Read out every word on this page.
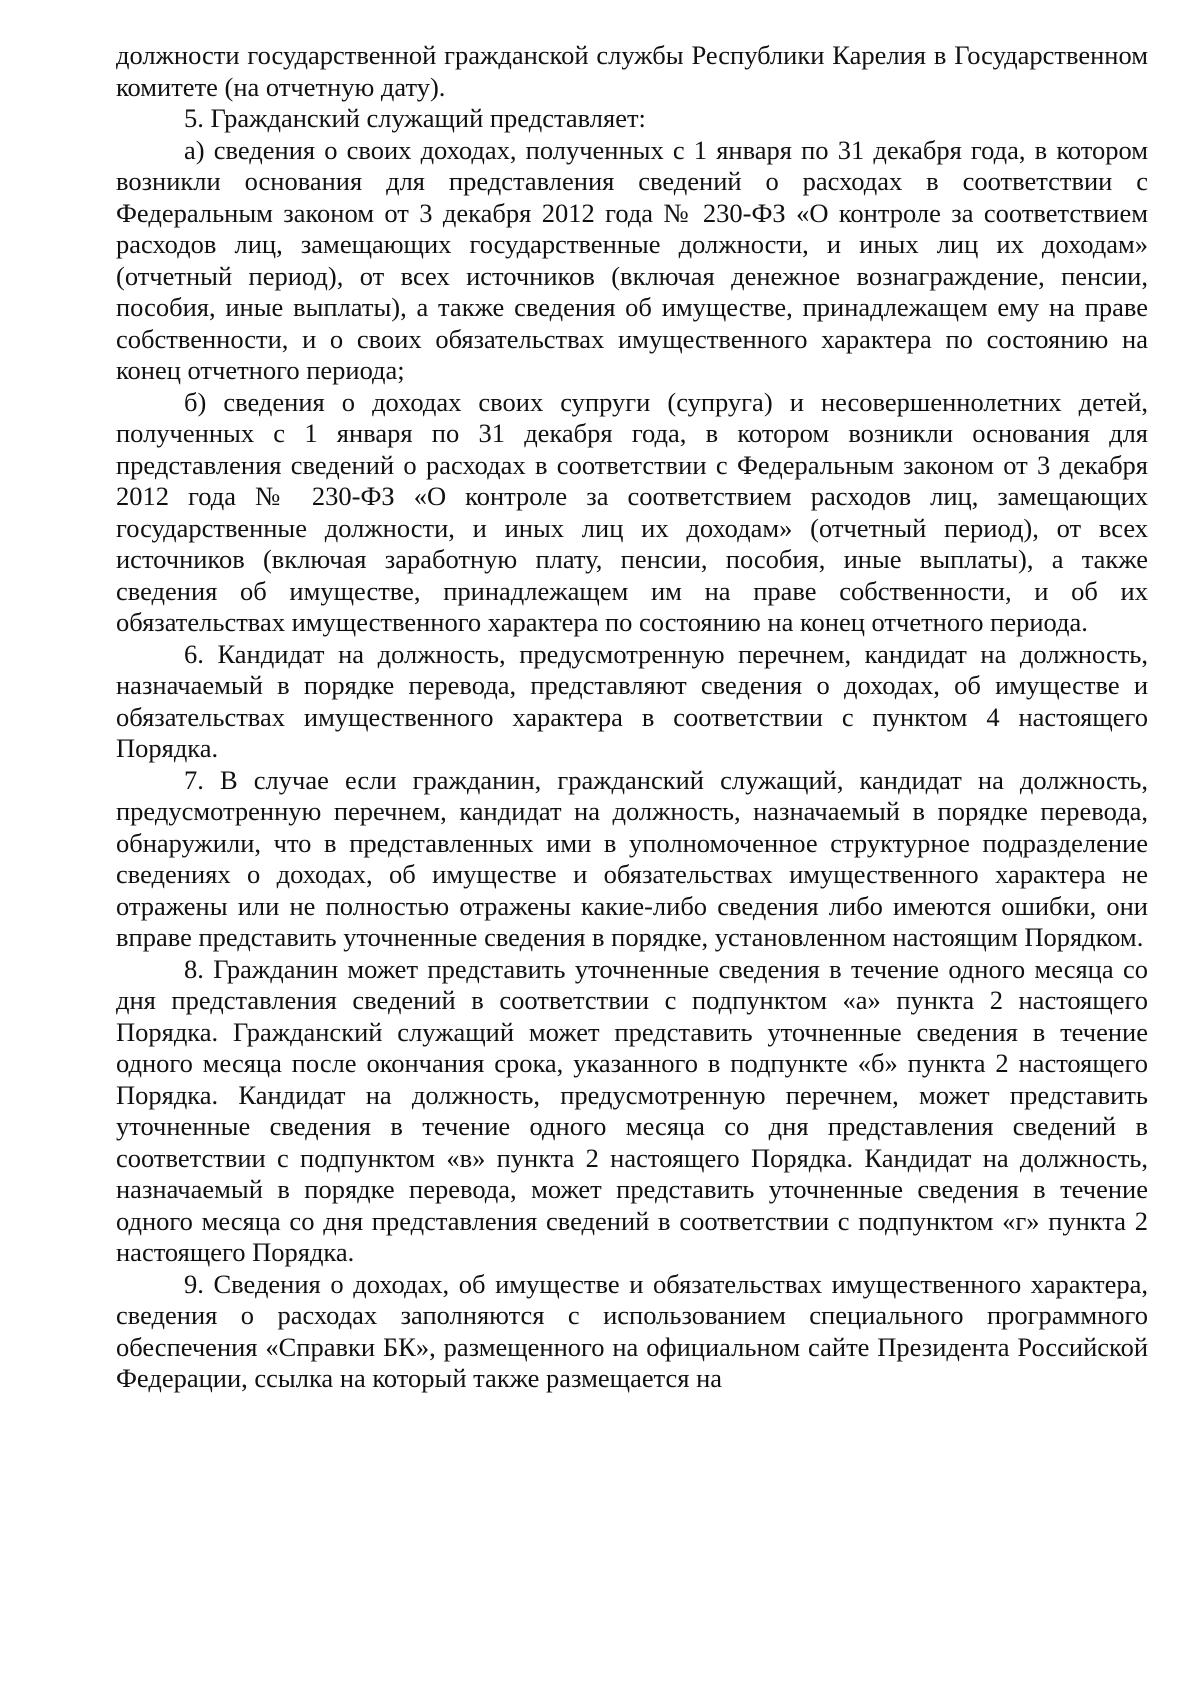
должности государственной гражданской службы Республики Карелия в Государственном комитете (на отчетную дату).

5. Гражданский служащий представляет:

а) сведения о своих доходах, полученных с 1 января по 31 декабря года, в котором возникли основания для представления сведений о расходах в соответствии с Федеральным законом от 3 декабря 2012 года № 230-ФЗ «О контроле за соответствием расходов лиц, замещающих государственные должности, и иных лиц их доходам» (отчетный период), от всех источников (включая денежное вознаграждение, пенсии, пособия, иные выплаты), а также сведения об имуществе, принадлежащем ему на праве собственности, и о своих обязательствах имущественного характера по состоянию на конец отчетного периода;

б) сведения о доходах своих супруги (супруга) и несовершеннолетних детей, полученных с 1 января по 31 декабря года, в котором возникли основания для представления сведений о расходах в соответствии с Федеральным законом от 3 декабря 2012 года № 230-ФЗ «О контроле за соответствием расходов лиц, замещающих государственные должности, и иных лиц их доходам» (отчетный период), от всех источников (включая заработную плату, пенсии, пособия, иные выплаты), а также сведения об имуществе, принадлежащем им на праве собственности, и об их обязательствах имущественного характера по состоянию на конец отчетного периода.

6. Кандидат на должность, предусмотренную перечнем, кандидат на должность, назначаемый в порядке перевода, представляют сведения о доходах, об имуществе и обязательствах имущественного характера в соответствии с пунктом 4 настоящего Порядка.

7. В случае если гражданин, гражданский служащий, кандидат на должность, предусмотренную перечнем, кандидат на должность, назначаемый в порядке перевода, обнаружили, что в представленных ими в уполномоченное структурное подразделение сведениях о доходах, об имуществе и обязательствах имущественного характера не отражены или не полностью отражены какие-либо сведения либо имеются ошибки, они вправе представить уточненные сведения в порядке, установленном настоящим Порядком.

8. Гражданин может представить уточненные сведения в течение одного месяца со дня представления сведений в соответствии с подпунктом «а» пункта 2 настоящего Порядка. Гражданский служащий может представить уточненные сведения в течение одного месяца после окончания срока, указанного в подпункте «б» пункта 2 настоящего Порядка. Кандидат на должность, предусмотренную перечнем, может представить уточненные сведения в течение одного месяца со дня представления сведений в соответствии с подпунктом «в» пункта 2 настоящего Порядка. Кандидат на должность, назначаемый в порядке перевода, может представить уточненные сведения в течение одного месяца со дня представления сведений в соответствии с подпунктом «г» пункта 2 настоящего Порядка.

9. Сведения о доходах, об имуществе и обязательствах имущественного характера, сведения о расходах заполняются с использованием специального программного обеспечения «Справки БК», размещенного на официальном сайте Президента Российской Федерации, ссылка на который также размещается на
